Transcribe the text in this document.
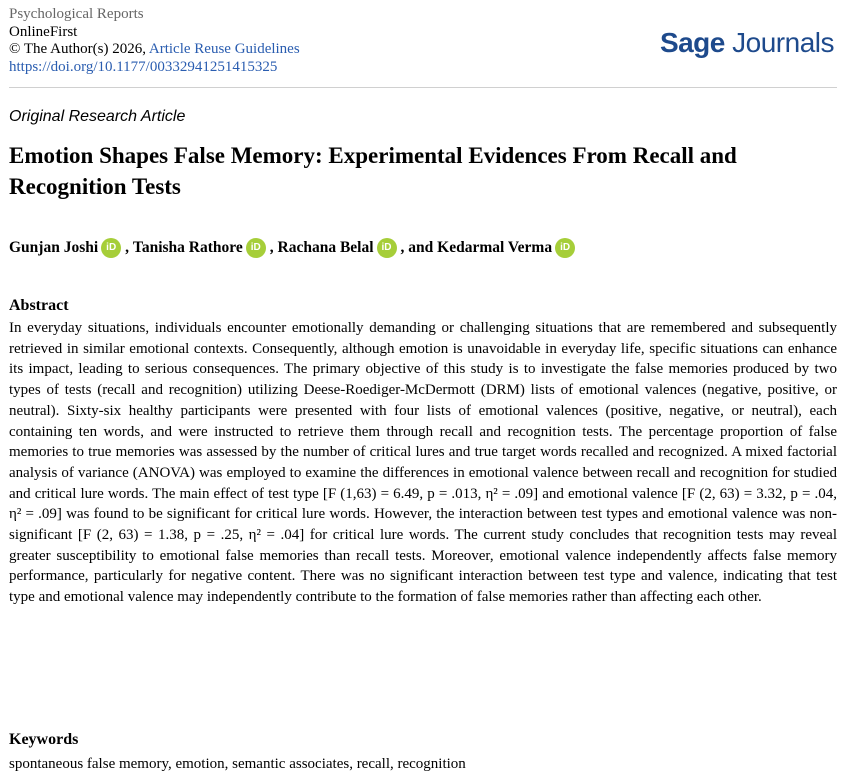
Psychological Reports
OnlineFirst
© The Author(s) 2026, Article Reuse Guidelines
https://doi.org/10.1177/00332941251415325
Sage Journals
Original Research Article
Emotion Shapes False Memory: Experimental Evidences From Recall and Recognition Tests
Gunjan Joshi iD ,
Tanisha Rathore iD ,
Rachana Belal iD , and
Kedarmal Verma iD
Abstract

In everyday situations, individuals encounter emotionally demanding or challenging situations that are remembered and subsequently retrieved in similar emotional contexts. Consequently, although emotion is unavoidable in everyday life, specific situations can enhance its impact, leading to serious consequences. The primary objective of this study is to investigate the false memories produced by two types of tests (recall and recognition) utilizing Deese-Roediger-McDermott (DRM) lists of emotional valences (negative, positive, or neutral). Sixty-six healthy participants were presented with four lists of emotional valences (positive, negative, or neutral), each containing ten words, and were instructed to retrieve them through recall and recognition tests. The percentage proportion of false memories to true memories was assessed by the number of critical lures and true target words recalled and recognized. A mixed factorial analysis of variance (ANOVA) was employed to examine the differences in emotional valence between recall and recognition for studied and critical lure words. The main effect of test type [F (1,63) = 6.49, p = .013, η² = .09] and emotional valence [F (2, 63) = 3.32, p = .04, η² = .09] was found to be significant for critical lure words. However, the interaction between test types and emotional valence was non-significant [F (2, 63) = 1.38, p = .25, η² = .04] for critical lure words. The current study concludes that recognition tests may reveal greater susceptibility to emotional false memories than recall tests. Moreover, emotional valence independently affects false memory performance, particularly for negative content. There was no significant interaction between test type and valence, indicating that test type and emotional valence may independently contribute to the formation of false memories rather than affecting each other.

Keywords
spontaneous false memory, emotion, semantic associates, recall, recognition
